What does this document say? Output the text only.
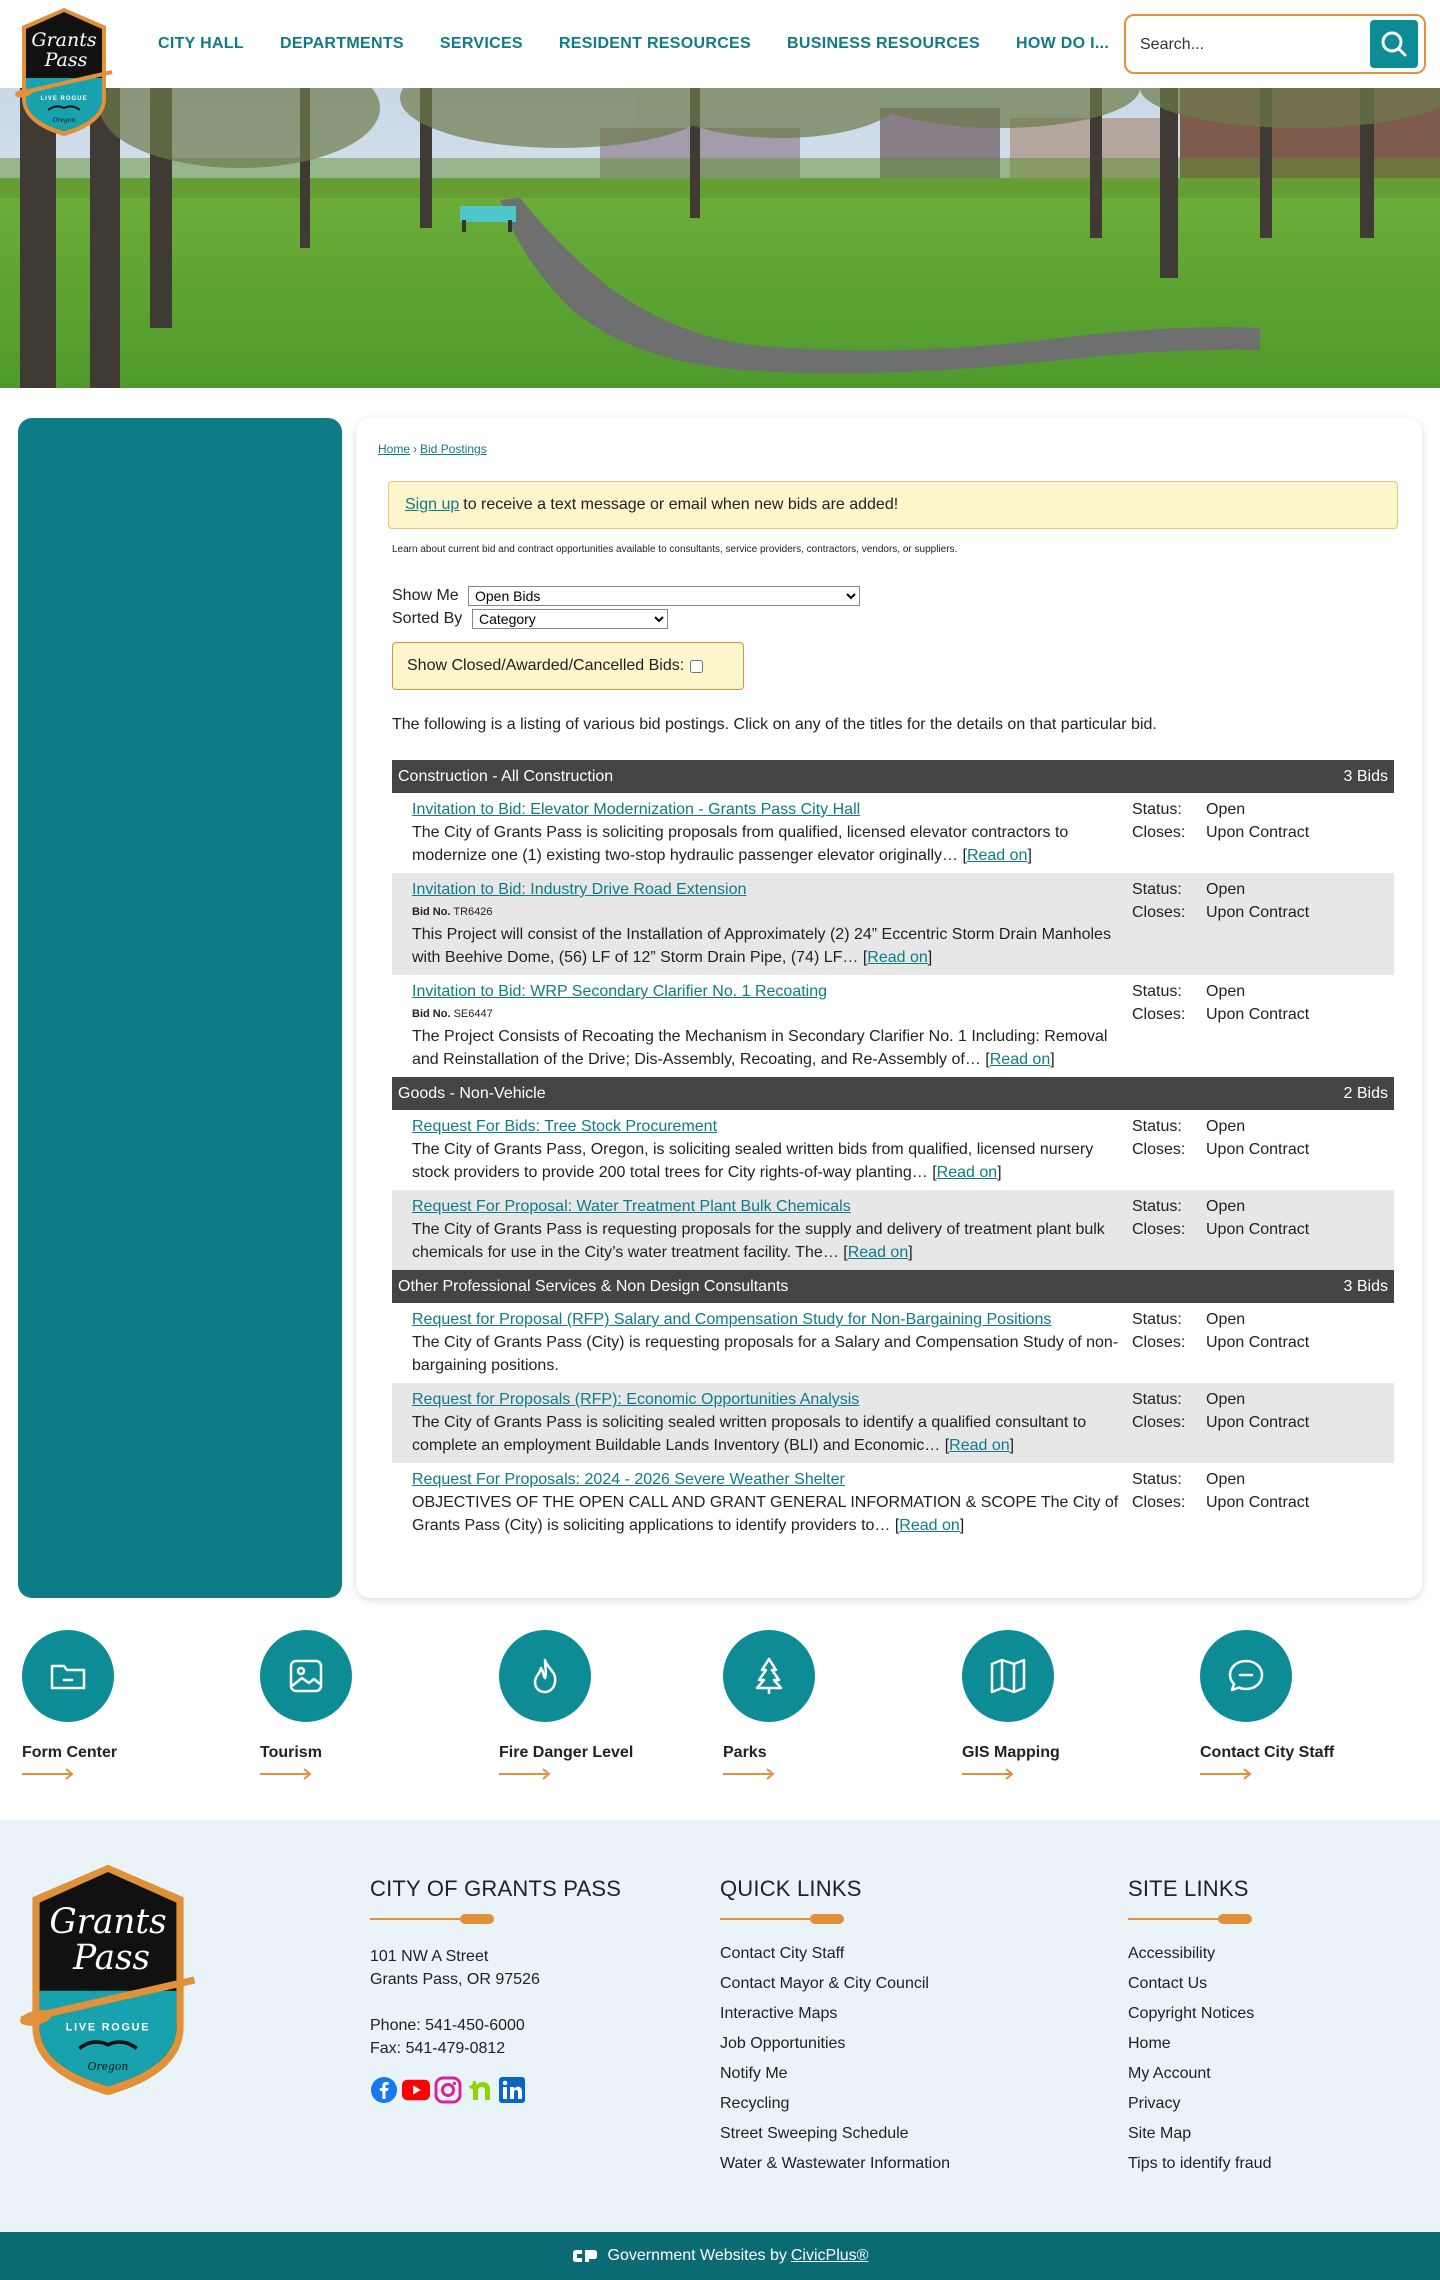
CITY HALL DEPARTMENTS SERVICES RESIDENT RESOURCES BUSINESS RESOURCES HOW DO I...
Search...
Grants
Pass
LIVE ROGUE
Oregon
Home › Bid Postings
Sign up to receive a text message or email when new bids are added!
Learn about current bid and contract opportunities available to consultants, service providers, contractors, vendors, or suppliers.
Show Me
Open Bids
Sorted By
Category
Show Closed/Awarded/Cancelled Bids:
The following is a listing of various bid postings. Click on any of the titles for the details on that particular bid.
Construction - All Construction	3 Bids
Invitation to Bid: Elevator Modernization - Grants Pass City Hall
The City of Grants Pass is soliciting proposals from qualified, licensed elevator contractors to modernize one (1) existing two-stop hydraulic passenger elevator originally… [Read on]
Status: Open
Closes: Upon Contract
Invitation to Bid: Industry Drive Road Extension
Bid No. TR6426
This Project will consist of the Installation of Approximately (2) 24” Eccentric Storm Drain Manholes with Beehive Dome, (56) LF of 12” Storm Drain Pipe, (74) LF… [Read on]
Status: Open
Closes: Upon Contract
Invitation to Bid: WRP Secondary Clarifier No. 1 Recoating
Bid No. SE6447
The Project Consists of Recoating the Mechanism in Secondary Clarifier No. 1 Including: Removal and Reinstallation of the Drive; Dis-Assembly, Recoating, and Re-Assembly of… [Read on]
Status: Open
Closes: Upon Contract
Goods - Non-Vehicle	2 Bids
Request For Bids: Tree Stock Procurement
The City of Grants Pass, Oregon, is soliciting sealed written bids from qualified, licensed nursery stock providers to provide 200 total trees for City rights-of-way planting… [Read on]
Status: Open
Closes: Upon Contract
Request For Proposal: Water Treatment Plant Bulk Chemicals
The City of Grants Pass is requesting proposals for the supply and delivery of treatment plant bulk chemicals for use in the City’s water treatment facility. The… [Read on]
Status: Open
Closes: Upon Contract
Other Professional Services & Non Design Consultants	3 Bids
Request for Proposal (RFP) Salary and Compensation Study for Non-Bargaining Positions
The City of Grants Pass (City) is requesting proposals for a Salary and Compensation Study of non-bargaining positions.
Status: Open
Closes: Upon Contract
Request for Proposals (RFP): Economic Opportunities Analysis
The City of Grants Pass is soliciting sealed written proposals to identify a qualified consultant to complete an employment Buildable Lands Inventory (BLI) and Economic… [Read on]
Status: Open
Closes: Upon Contract
Request For Proposals: 2024 - 2026 Severe Weather Shelter
OBJECTIVES OF THE OPEN CALL AND GRANT GENERAL INFORMATION & SCOPE The City of Grants Pass (City) is soliciting applications to identify providers to… [Read on]
Status: Open
Closes: Upon Contract
Form Center	Tourism	Fire Danger Level	Parks	GIS Mapping	Contact City Staff
Grants
Pass
LIVE ROGUE
Oregon
CITY OF GRANTS PASS
101 NW A Street
Grants Pass, OR 97526
Phone: 541-450-6000
Fax: 541-479-0812
QUICK LINKS
Contact City Staff
Contact Mayor & City Council
Interactive Maps
Job Opportunities
Notify Me
Recycling
Street Sweeping Schedule
Water & Wastewater Information
SITE LINKS
Accessibility
Contact Us
Copyright Notices
Home
My Account
Privacy
Site Map
Tips to identify fraud
Government Websites by CivicPlus®
